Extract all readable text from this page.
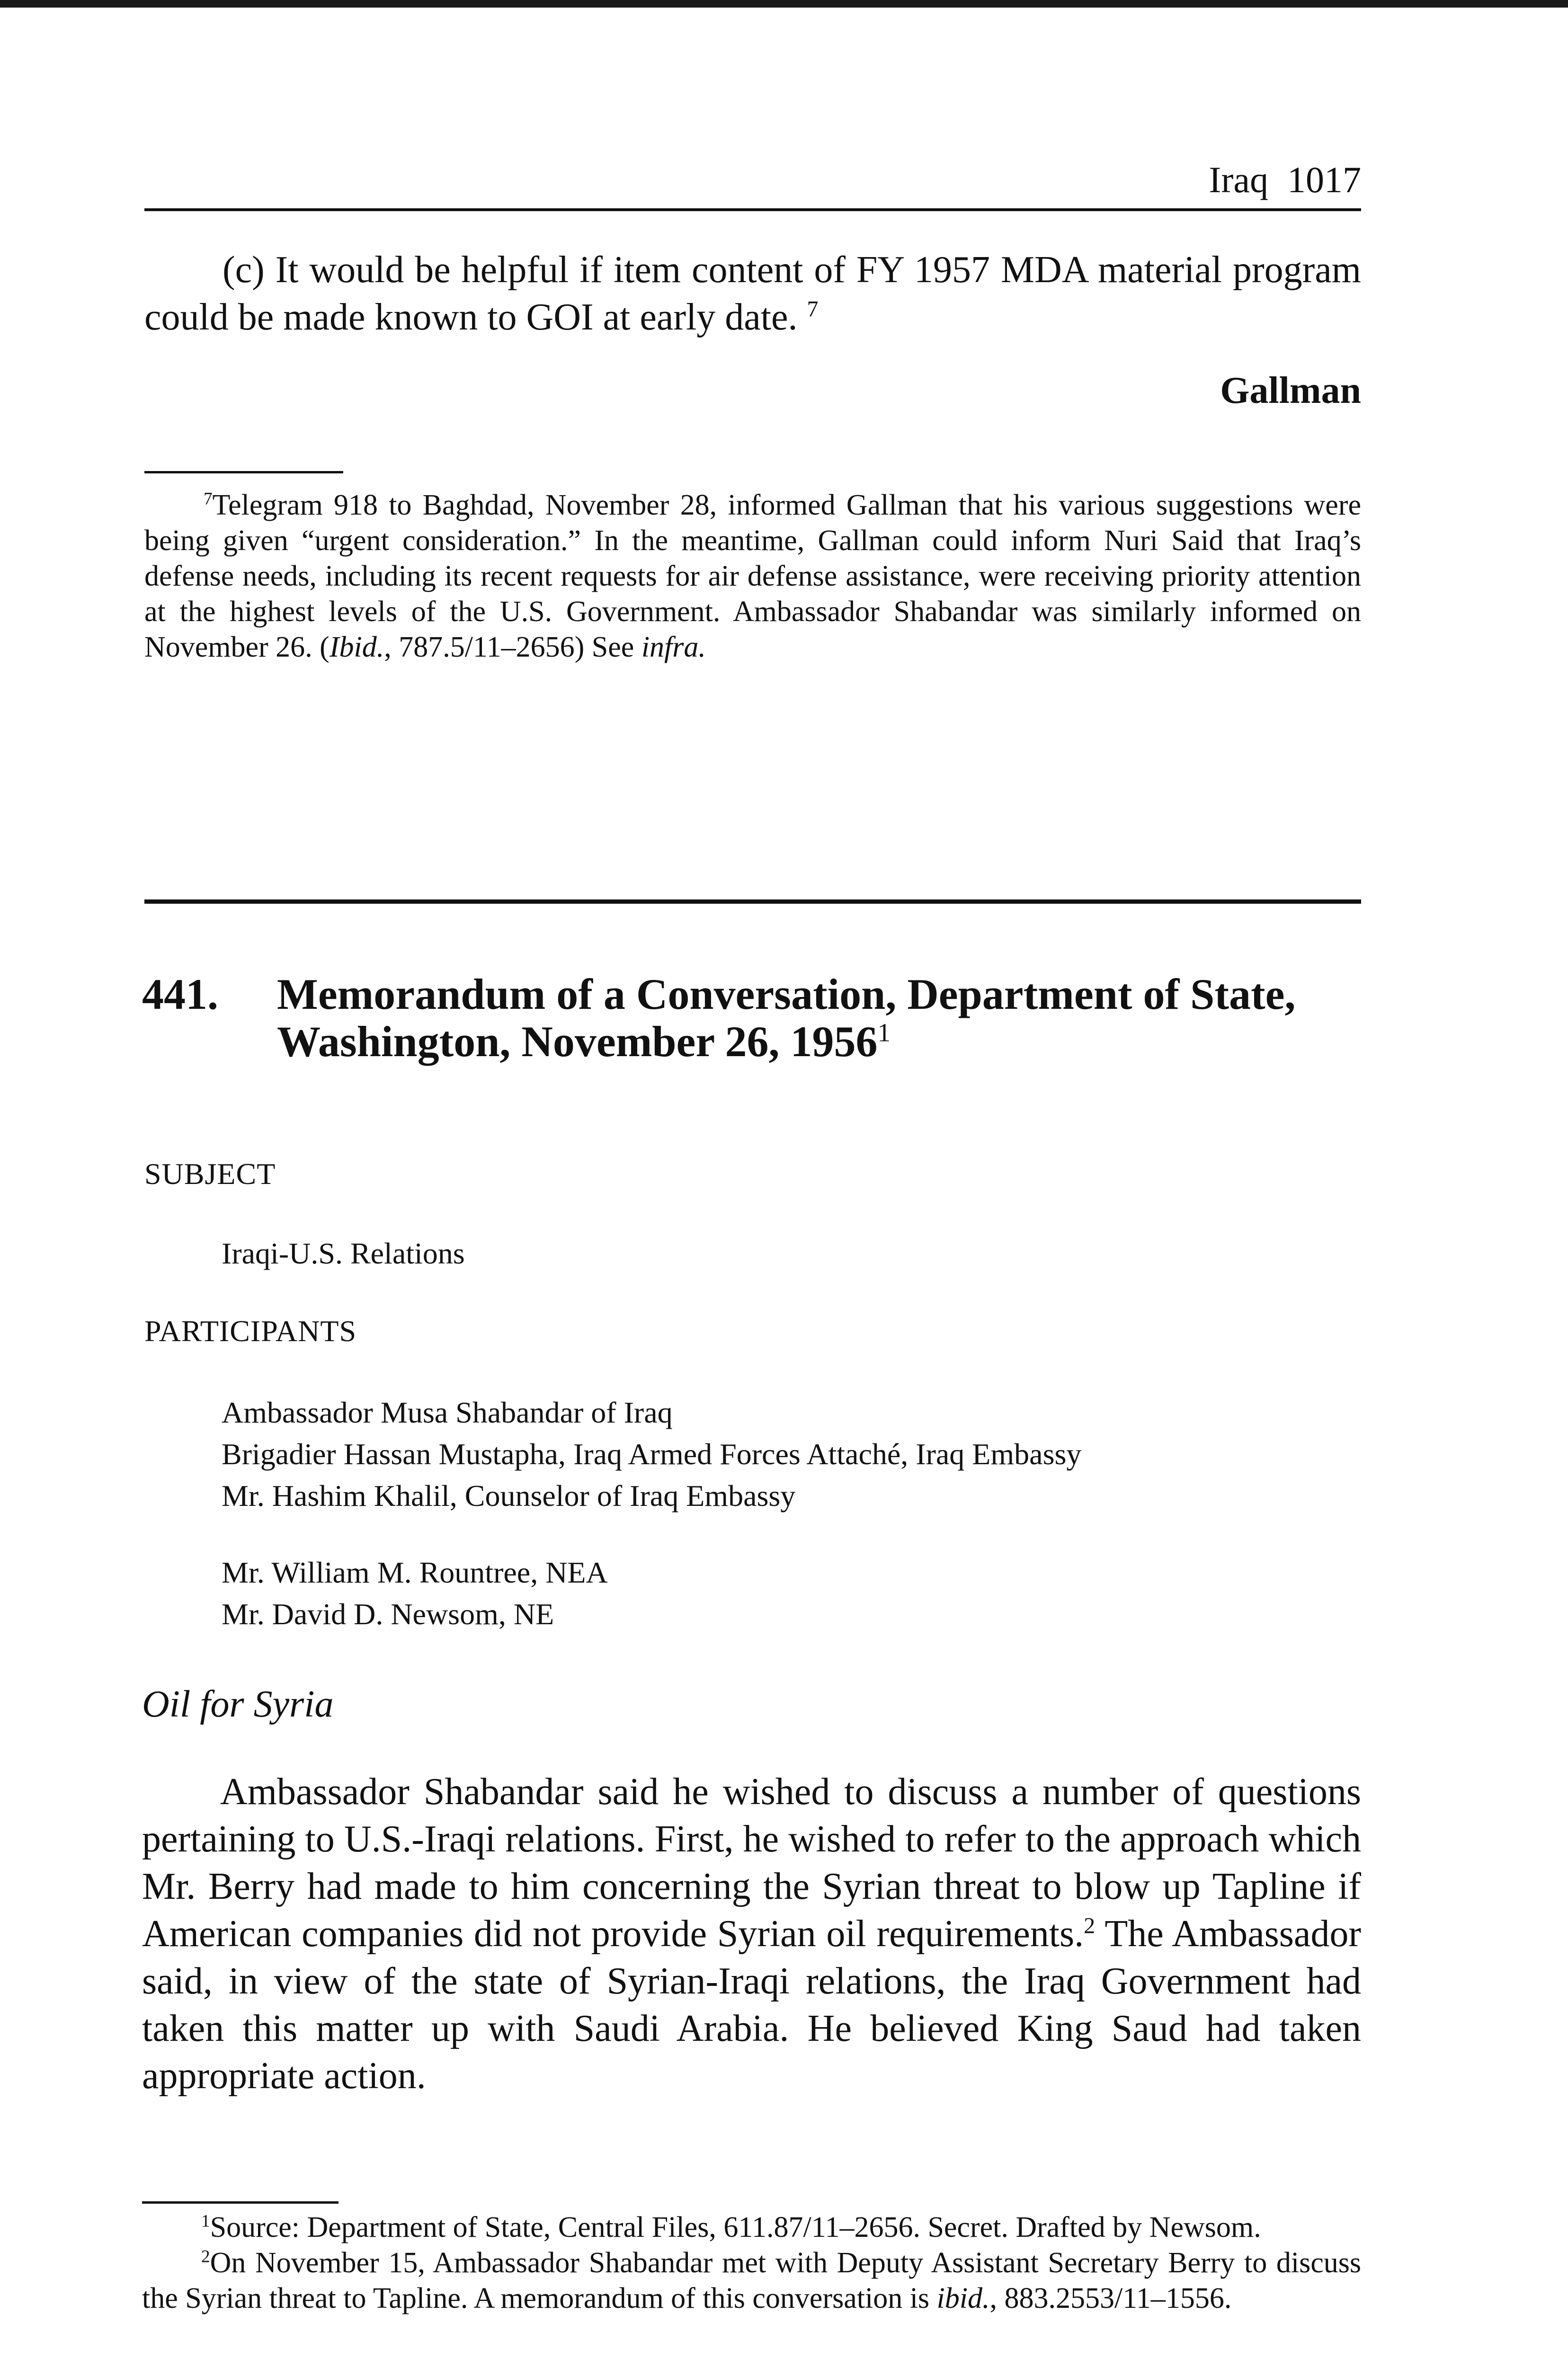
Iraq 1017

(c) It would be helpful if item content of FY 1957 MDA material program could be made known to GOI at early date. $^7$

Gallman

$^7$Telegram 918 to Baghdad, November 28, informed Gallman that his various suggestions were being given “urgent consideration.” In the meantime, Gallman could inform Nuri Said that Iraq’s defense needs, including its recent requests for air defense assistance, were receiving priority attention at the highest levels of the U.S. Government. Ambassador Shabandar was similarly informed on November 26. (Ibid., 787.5/11–2656) See infra.

441. Memorandum of a Conversation, Department of State, Washington, November 26, 1956$^1$
SUBJECT
Iraqi-U.S. Relations
PARTICIPANTS
Ambassador Musa Shabandar of Iraq
Brigadier Hassan Mustapha, Iraq Armed Forces Attaché, Iraq Embassy
Mr. Hashim Khalil, Counselor of Iraq Embassy
Mr. William M. Rountree, NEA
Mr. David D. Newsom, NE
Oil for Syria

Ambassador Shabandar said he wished to discuss a number of questions pertaining to U.S.-Iraqi relations. First, he wished to refer to the approach which Mr. Berry had made to him concerning the Syrian threat to blow up Tapline if American companies did not provide Syrian oil requirements.$^2$ The Ambassador said, in view of the state of Syrian-Iraqi relations, the Iraq Government had taken this matter up with Saudi Arabia. He believed King Saud had taken appropriate action.

$^1$Source: Department of State, Central Files, 611.87/11–2656. Secret. Drafted by Newsom.

$^2$On November 15, Ambassador Shabandar met with Deputy Assistant Secretary Berry to discuss the Syrian threat to Tapline. A memorandum of this conversation is ibid., 883.2553/11–1556.
